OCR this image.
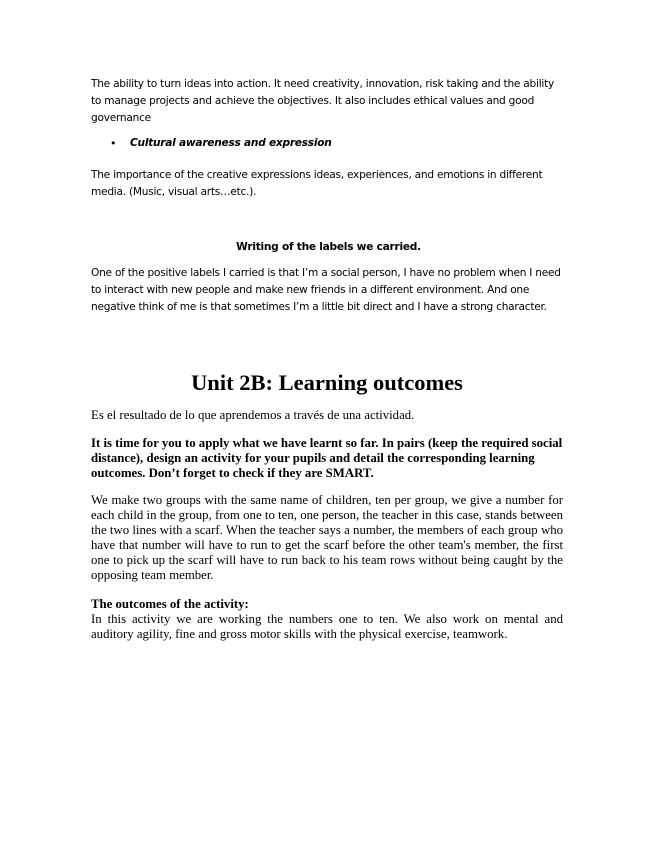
The ability to turn ideas into action. It need creativity, innovation, risk taking and the ability to manage projects and achieve the objectives. It also includes ethical values and good governance

• Cultural awareness and expression

The importance of the creative expressions ideas, experiences, and emotions in different media. (Music, visual arts…etc.).

Writing of the labels we carried.

One of the positive labels I carried is that I’m a social person, I have no problem when I need to interact with new people and make new friends in a different environment. And one negative think of me is that sometimes I’m a little bit direct and I have a strong character.

Unit 2B: Learning outcomes

Es el resultado de lo que aprendemos a través de una actividad.

It is time for you to apply what we have learnt so far. In pairs (keep the required social distance), design an activity for your pupils and detail the corresponding learning outcomes. Don’t forget to check if they are SMART.

We make two groups with the same name of children, ten per group, we give a number for each child in the group, from one to ten, one person, the teacher in this case, stands between the two lines with a scarf. When the teacher says a number, the members of each group who have that number will have to run to get the scarf before the other team's member, the first one to pick up the scarf will have to run back to his team rows without being caught by the opposing team member.

The outcomes of the activity:

In this activity we are working the numbers one to ten. We also work on mental and auditory agility, fine and gross motor skills with the physical exercise, teamwork.
